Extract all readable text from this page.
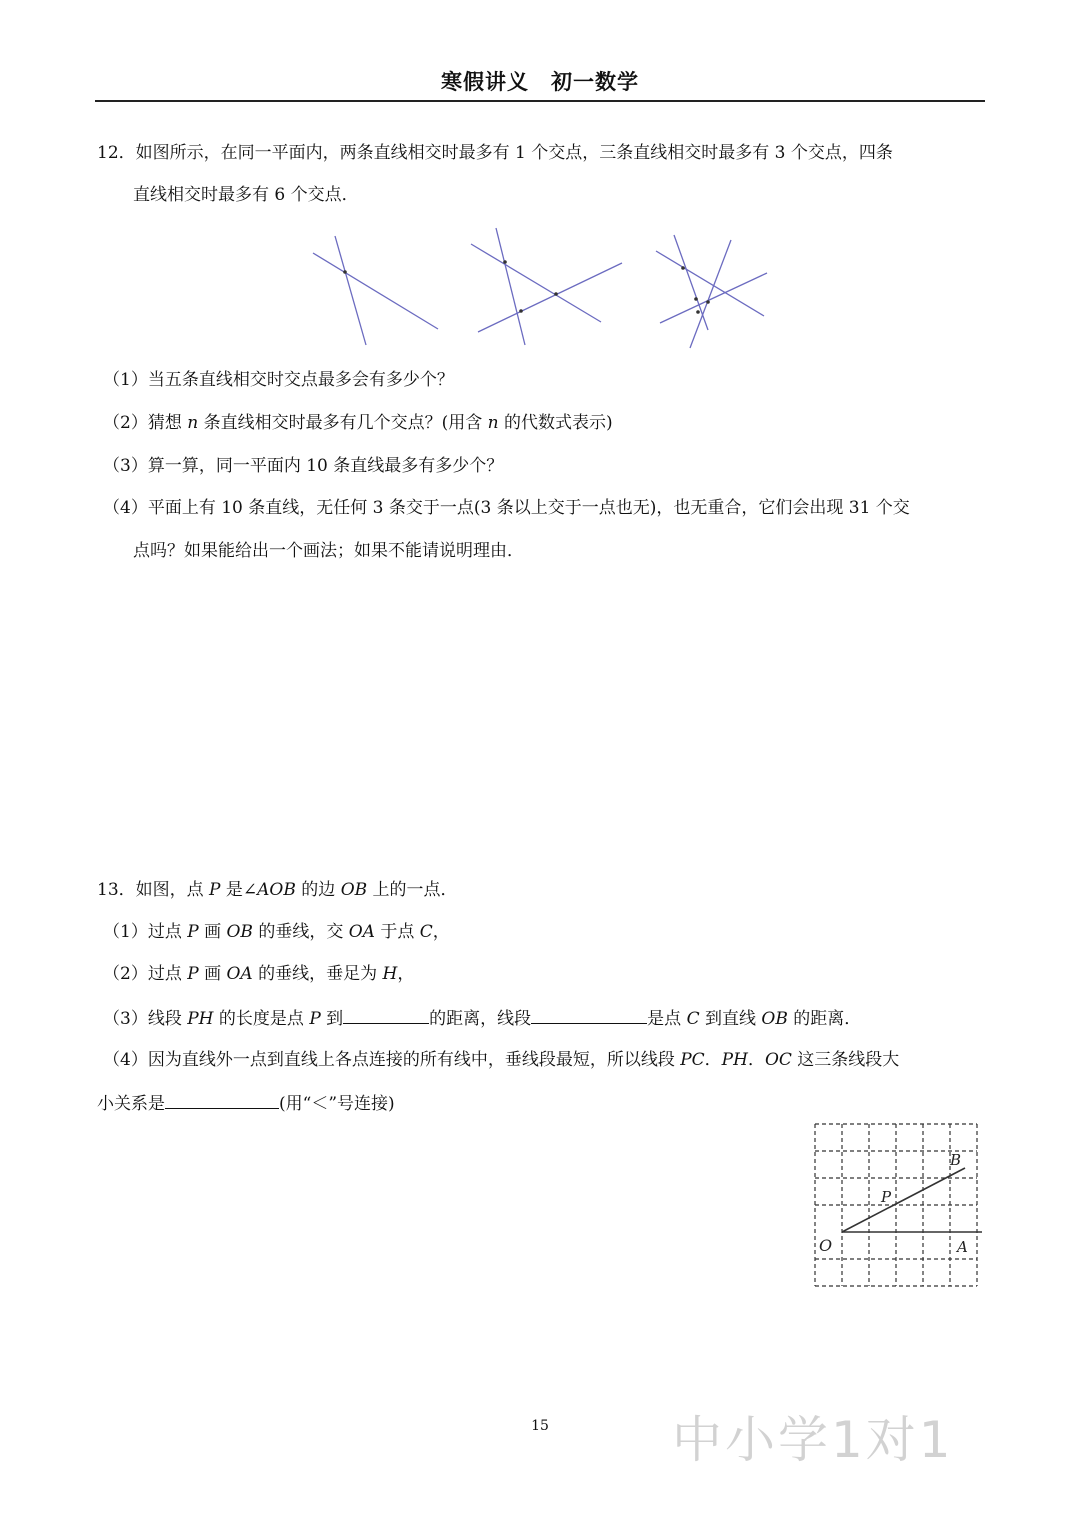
寒假讲义　初一数学
12．如图所示，在同一平面内，两条直线相交时最多有 1 个交点，三条直线相交时最多有 3 个交点，四条
直线相交时最多有 6 个交点．
（1）当五条直线相交时交点最多会有多少个？
（2）猜想 n 条直线相交时最多有几个交点？(用含 n 的代数式表示)
（3）算一算，同一平面内 10 条直线最多有多少个？
（4）平面上有 10 条直线，无任何 3 条交于一点(3 条以上交于一点也无)，也无重合，它们会出现 31 个交
点吗？如果能给出一个画法；如果不能请说明理由．
13．如图，点 P 是∠AOB 的边 OB 上的一点．
（1）过点 P 画 OB 的垂线，交 OA 于点 C，
（2）过点 P 画 OA 的垂线，垂足为 H，
（3）线段 PH 的长度是点 P 到	的距离，线段	是点 C 到直线 OB 的距离．
（4）因为直线外一点到直线上各点连接的所有线中，垂线段最短，所以线段 PC．PH．OC 这三条线段大
小关系是	(用“＜”号连接)
O	A
B
P
15	中小学1对1
